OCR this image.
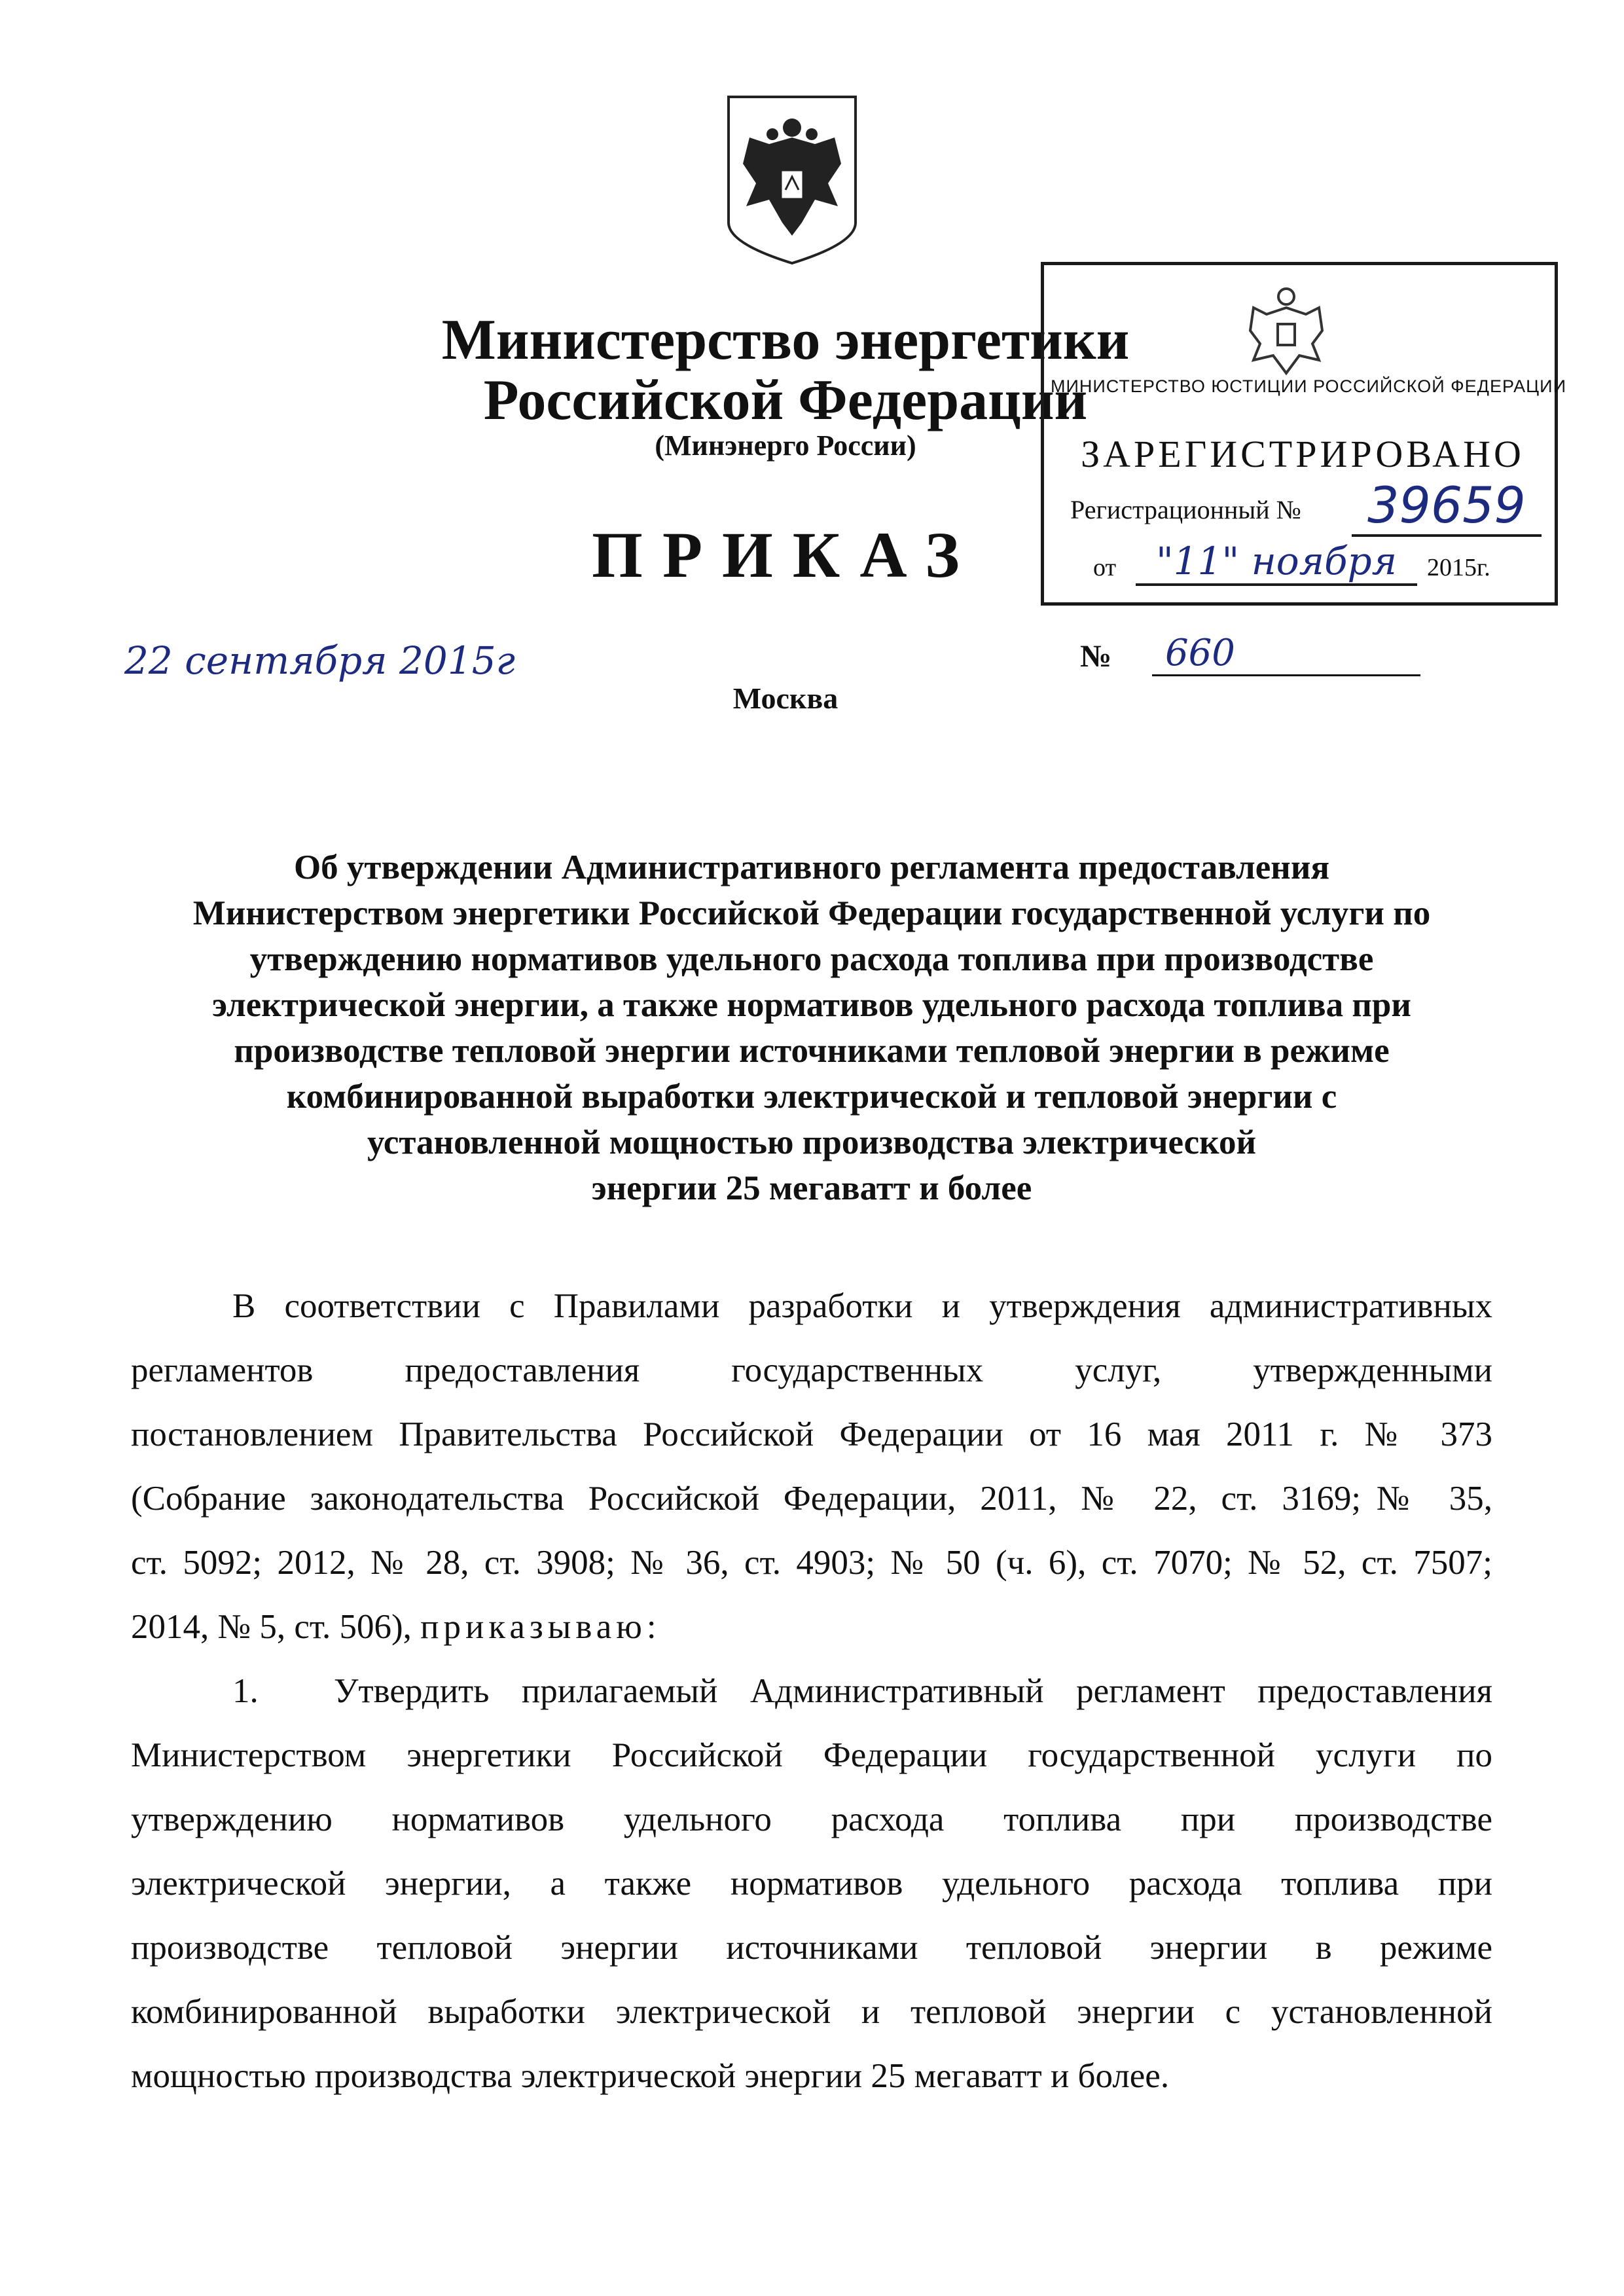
Министерство энергетики
Российской Федерации
(Минэнерго России)
ПРИКАЗ
МИНИСТЕРСТВО ЮСТИЦИИ РОССИЙСКОЙ ФЕДЕРАЦИИ
ЗАРЕГИСТРИРОВАНО
Регистрационный №	39659
от	"11" ноября	2015г.
22 сентября 2015г	№	660
Москва
Об утверждении Административного регламента предоставления
Министерством энергетики Российской Федерации государственной услуги по
утверждению нормативов удельного расхода топлива при производстве
электрической энергии, а также нормативов удельного расхода топлива при
производстве тепловой энергии источниками тепловой энергии в режиме
комбинированной выработки электрической и тепловой энергии с
установленной мощностью производства электрической
энергии 25 мегаватт и более
В соответствии с Правилами разработки и утверждения административных
регламентов предоставления государственных услуг, утвержденными
постановлением Правительства Российской Федерации от 16 мая 2011 г. № 373
(Собрание законодательства Российской Федерации, 2011, № 22, ст. 3169;№ 35,
ст. 5092; 2012, № 28, ст. 3908; № 36, ст. 4903; № 50 (ч. 6), ст. 7070; № 52, ст. 7507;
2014, № 5, ст. 506), приказываю:
1. Утвердить прилагаемый Административный регламент предоставления
Министерством энергетики Российской Федерации государственной услуги по
утверждению нормативов удельного расхода топлива при производстве
электрической энергии, а также нормативов удельного расхода топлива при
производстве тепловой энергии источниками тепловой энергии в режиме
комбинированной выработки электрической и тепловой энергии с установленной
мощностью производства электрической энергии 25 мегаватт и более.
